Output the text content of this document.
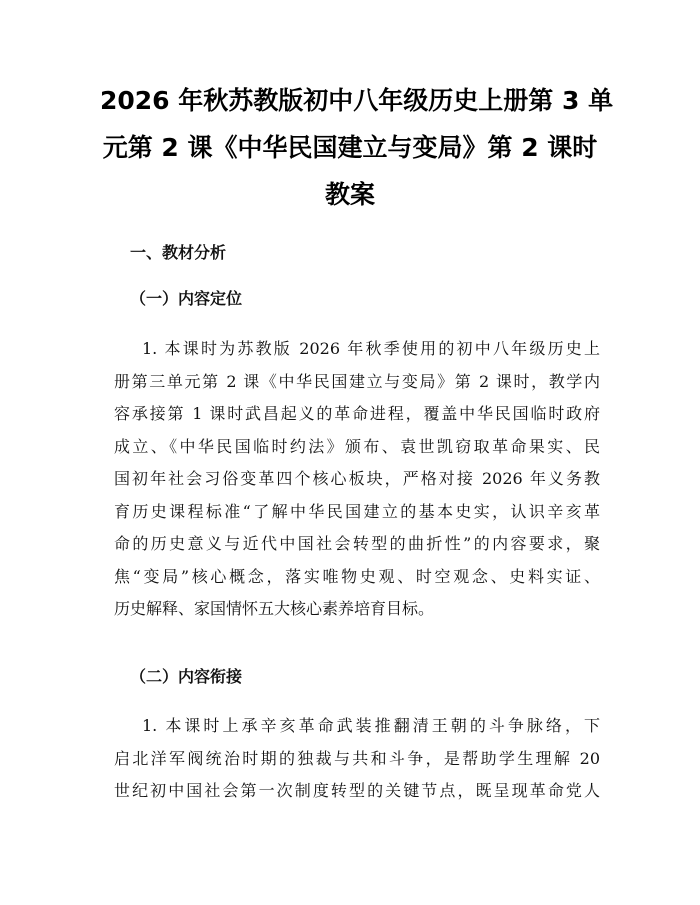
2026 年秋苏教版初中八年级历史上册第 3 单
元第 2 课《中华民国建立与变局》第 2 课时
教案
一、教材分析
（一）内容定位
1. 本课时为苏教版 2026 年秋季使用的初中八年级历史上
册第三单元第 2 课《中华民国建立与变局》第 2 课时，教学内
容承接第 1 课时武昌起义的革命进程，覆盖中华民国临时政府
成立、《中华民国临时约法》颁布、袁世凯窃取革命果实、民
国初年社会习俗变革四个核心板块，严格对接 2026 年义务教
育历史课程标准“了解中华民国建立的基本史实，认识辛亥革
命的历史意义与近代中国社会转型的曲折性”的内容要求，聚
焦“变局”核心概念，落实唯物史观、时空观念、史料实证、
历史解释、家国情怀五大核心素养培育目标。
（二）内容衔接
1. 本课时上承辛亥革命武装推翻清王朝的斗争脉络，下
启北洋军阀统治时期的独裁与共和斗争，是帮助学生理解 20
世纪初中国社会第一次制度转型的关键节点，既呈现革命党人
